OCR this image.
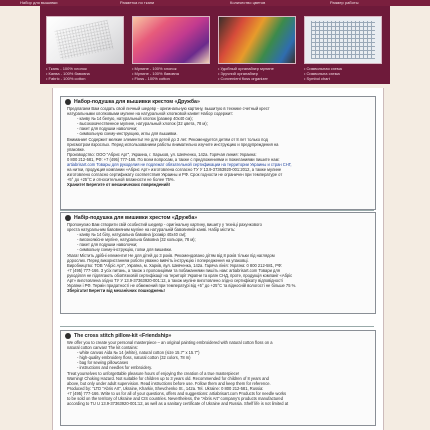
Набор для вышивки	Разметка по ткани	Количество цветов	Размер работы
• Ткань - 100% хлопок
• Канва - 100% бавовна
• Fabric - 100% cotton
• Мулине - 100% хлопок
• Мулине - 100% бавовна
• Floss - 100% cotton
• Удобный органайзер мулине
• Зручний органайзер
• Convenient floss organizer
• Символьная схема
• Символьна схема
• Symbol chart
Набор-подушка для вышивки крестом «Дружба»
Предлагаем Вам создать свой личный шедевр - оригинальную картину, вышитую в технике счетный крест
натуральными хлопковыми мулине на натуральной хлопковой канве! Набор содержит:
- канву № 14 белую, натуральный хлопок (размер 40х40 см);
- высококачественное мулине, натуральный хлопок (32 цвета, 78 м);
- пакет для подушки наволочки;
- символьную схему-инструкцию, иглы для вышивки.
Внимание! Содержит мелкие элементы! Не для детей до 3 лет. Рекомендуется детям от 8 лет только под
присмотром взрослых. Перед использованием работы внимательно изучите инструкцию и предупреждения на
упаковке.
Производство: ООО "Абрис Арт", Украина, г. Харьков, ул. Шевченко, 142а. Горячая линия: Украина:
0 800 212-581, РФ: +7 (495) 777-166. По всем вопросам, а также с предложениями и пожеланиями пишите нам:
artiabrisart.com Товары для рукоделия не подлежат обязательной сертификации на территории Украины и стран СНГ,
на нитки, продукция компании «Абрис Арт» изготовлена согласно ТУ У 13.9-37363920-001:2012, а также мулине
изготовлено согласно сертификату соответствия Украины и РФ. Срок годности не ограничен при температуре от
+5° до +25°C и относительной влажности не более 75%.
Храните! Берегите от механических повреждений!
Набір-подушка для вишивки хрестом «Дружба»
Пропонуємо Вам створити свій особистий шедевр - оригінальну картину, вишиту у техніці рахункового
хреста натуральним бавовняним муліне на натуральній бавовняній канві. Набір містить:
- канву № 14 білу, натуральна бавовна (розмір 40х40 см);
- високоякісне муліне, натуральна бавовна (32 кольори, 78 м);
- пакет для подушки наволочки;
- символьну схему-інструкцію, голки для вишивки.
Увага! Містить дрібні елементи! Не для дітей до 3 років. Рекомендовано дітям від 8 років тільки під наглядом
дорослих. Перед використанням роботи уважно вивчіть інструкцію і попередження на упаковці.
Виробництво: ТОВ "Абріс Арт", Україна, м. Харків, вул. Шевченка, 142а. Гаряча лінія: Україна: 0 800 212-581, РФ:
+7 (495) 777-166. З усіх питань, а також з пропозиціями та побажаннями пишіть нам: artiabrisart.com Товари для
рукоділля не підлягають обов'язковій сертифікації на території України та країн СНД, проте, продукція компанії «Абріс
Арт» виготовлена згідно ТУ У 13.9-37363920-001:12, а також муліне виготовлено згідно сертифікату відповідності
України і РФ. Термін придатності не обмежений при температурі від +5° до +25°C та відносній вологості не більше 75 %.
Зберігати! Берегти від механічних пошкоджень!
The cross stitch pillow-kit «Friendship»
We offer you to create your personal masterpiece – an original painting embroidered with natural cotton floss on a
natural cotton canvas! The kit contains:
- white canvas Aida № 14 (white), natural cotton (size 15.7" x 15.7")
- high-quality embroidery floss, natural cotton (32 colors, 78 m)
- bag for sewing pillowcases
- instructions and needles for embroidery.
Treat yourselves to unforgettable pleasure hours of enjoying the creation of a true masterpiece!
Warning! Choking Hazard. Not suitable for children up to 3 years old. Recommended for children of 8 years and
above, but only under adult supervision. Read instructions before use. Follow them and keep them for reference.
Produced by: "LTD "Abris Art", Ukraine, Kharkiv, Shevchenko St., 142a. Tel. Ukraine: 0 800 212-581, Russia:
+7 (495) 777-166. Write to us for all of your questions, offers and suggestions: artiabrisart.com Products for needle works
to be sold on the territory of Ukraine and CIS countries. Nevertheless, the "Abris Art" company's products manufactured
according to TU U 13.9-37363920-001:12, as well as a sanitary certificate of Ukraine and Russia. Shelf life is not limited at
